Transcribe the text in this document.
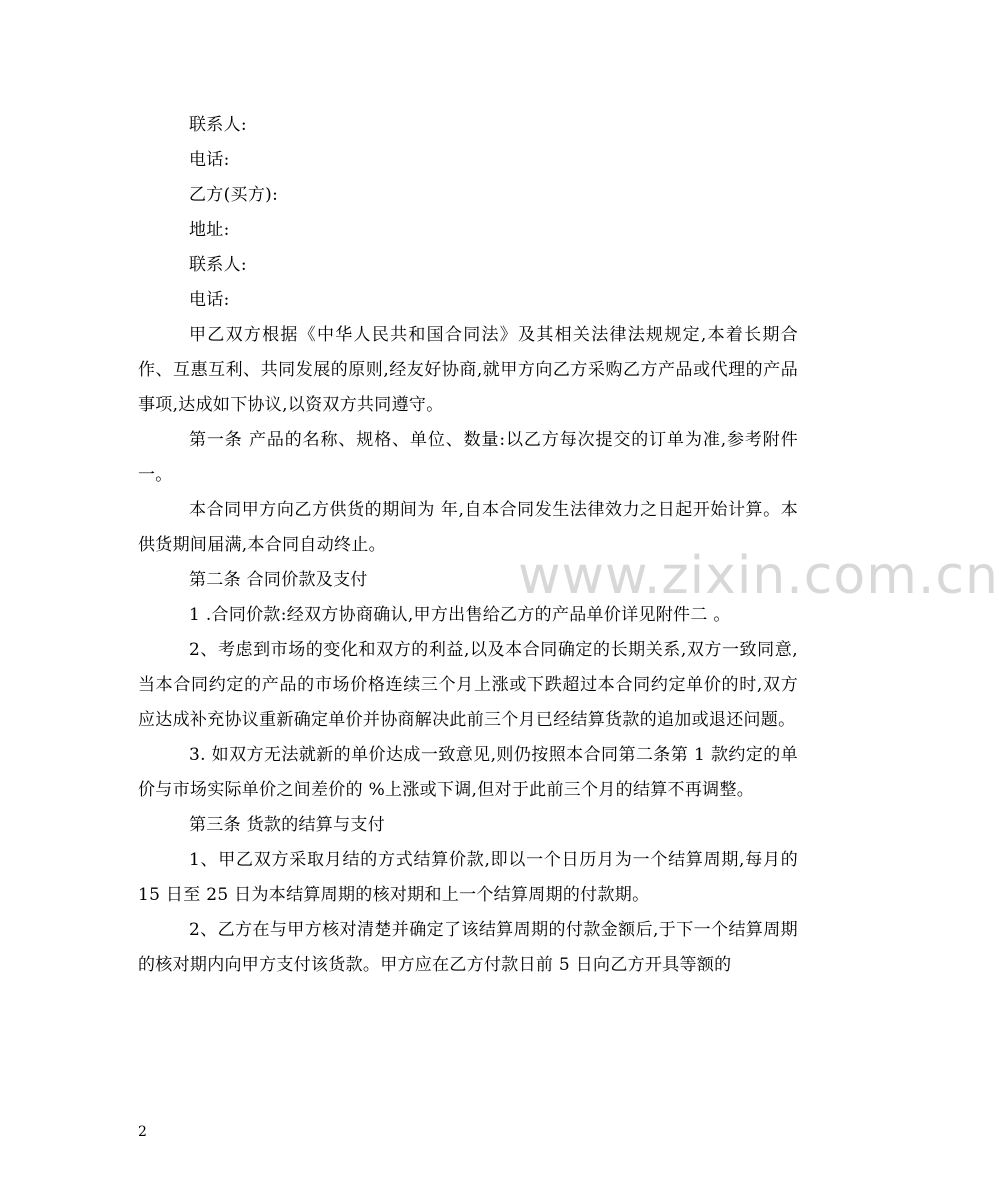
www.zixin.com.cn
联系人:
电话:
乙方(买方):
地址:
联系人:
电话:
甲乙双方根据《中华人民共和国合同法》及其相关法律法规规定,本着长期合作、互惠互利、共同发展的原则,经友好协商,就甲方向乙方采购乙方产品或代理的产品事项,达成如下协议,以资双方共同遵守。
第一条 产品的名称、规格、单位、数量:以乙方每次提交的订单为准,参考附件一。
本合同甲方向乙方供货的期间为 年,自本合同发生法律效力之日起开始计算。本供货期间届满,本合同自动终止。
第二条 合同价款及支付
1 .合同价款:经双方协商确认,甲方出售给乙方的产品单价详见附件二 。
2、考虑到市场的变化和双方的利益,以及本合同确定的长期关系,双方一致同意,当本合同约定的产品的市场价格连续三个月上涨或下跌超过本合同约定单价的时,双方应达成补充协议重新确定单价并协商解决此前三个月已经结算货款的追加或退还问题。
3. 如双方无法就新的单价达成一致意见,则仍按照本合同第二条第 1 款约定的单价与市场实际单价之间差价的 %上涨或下调,但对于此前三个月的结算不再调整。
第三条 货款的结算与支付
1、甲乙双方采取月结的方式结算价款,即以一个日历月为一个结算周期,每月的 15 日至 25 日为本结算周期的核对期和上一个结算周期的付款期。
2、乙方在与甲方核对清楚并确定了该结算周期的付款金额后,于下一个结算周期的核对期内向甲方支付该货款。甲方应在乙方付款日前 5 日向乙方开具等额的
2
